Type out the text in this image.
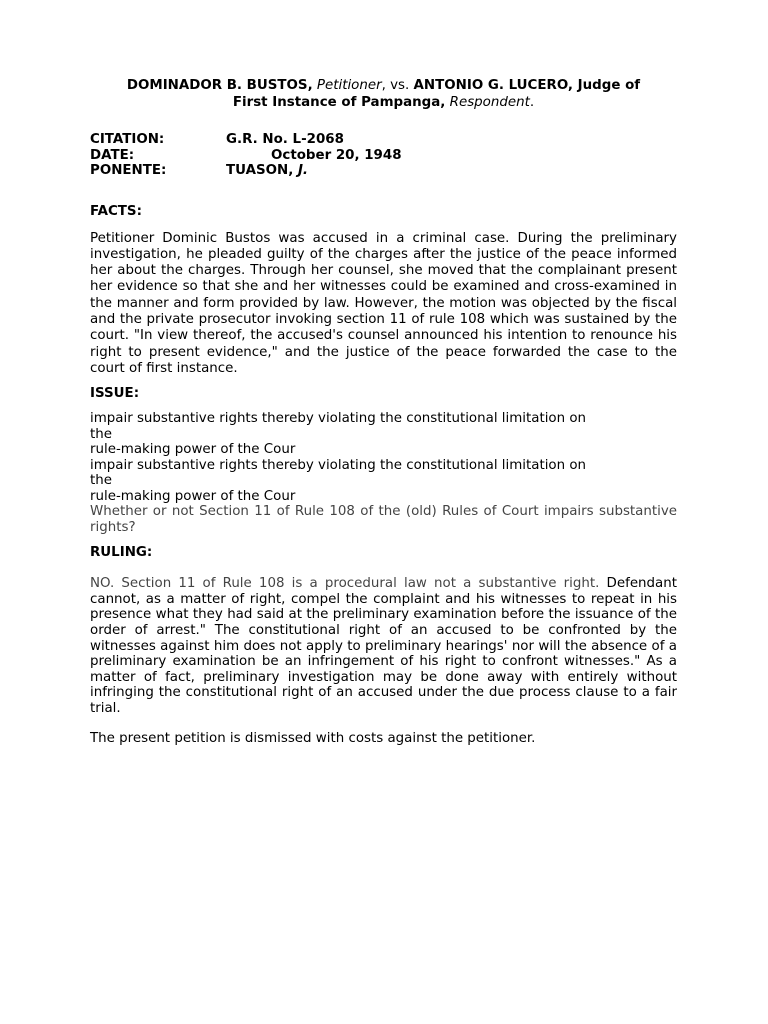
DOMINADOR B. BUSTOS, Petitioner, vs. ANTONIO G. LUCERO, Judge of
First Instance of Pampanga, Respondent.

CITATION:	G.R. No. L-2068
DATE:	October 20, 1948
PONENTE:	TUASON, J.

FACTS:

Petitioner Dominic Bustos was accused in a criminal case. During the preliminary investigation, he pleaded guilty of the charges after the justice of the peace informed her about the charges. Through her counsel, she moved that the complainant present her evidence so that she and her witnesses could be examined and cross-examined in the manner and form provided by law. However, the motion was objected by the fiscal and the private prosecutor invoking section 11 of rule 108 which was sustained by the court. "In view thereof, the accused's counsel announced his intention to renounce his right to present evidence," and the justice of the peace forwarded the case to the court of first instance.

ISSUE:

impair substantive rights thereby violating the constitutional limitation on

the

rule-making power of the Cour

impair substantive rights thereby violating the constitutional limitation on

the

rule-making power of the Cour

Whether or not Section 11 of Rule 108 of the (old) Rules of Court impairs substantive rights?

RULING:

NO. Section 11 of Rule 108 is a procedural law not a substantive right. Defendant cannot, as a matter of right, compel the complaint and his witnesses to repeat in his presence what they had said at the preliminary examination before the issuance of the order of arrest." The constitutional right of an accused to be confronted by the witnesses against him does not apply to preliminary hearings' nor will the absence of a preliminary examination be an infringement of his right to confront witnesses." As a matter of fact, preliminary investigation may be done away with entirely without infringing the constitutional right of an accused under the due process clause to a fair trial.

The present petition is dismissed with costs against the petitioner.
